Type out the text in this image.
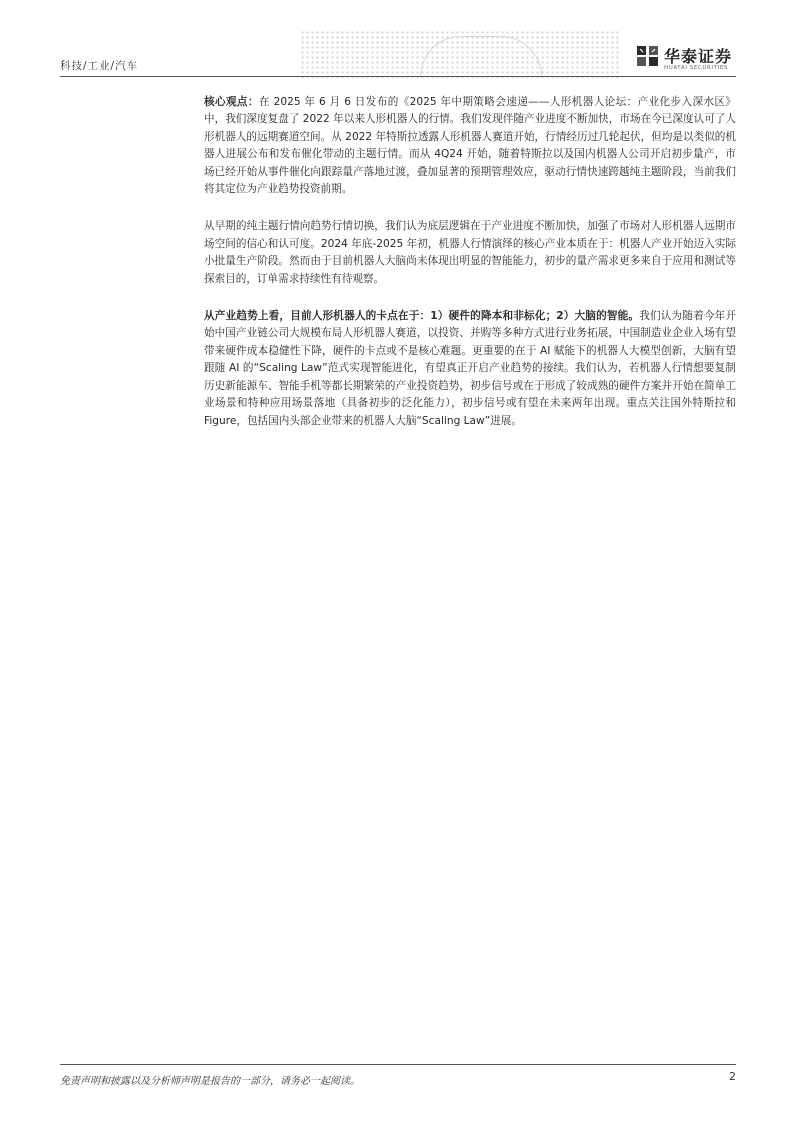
科技/工业/汽车	华泰证券
HUATAI SECURITIES

核心观点：在 2025 年 6 月 6 日发布的《2025 年中期策略会速递——人形机器人论坛：产业化步入深水区》中，我们深度复盘了 2022 年以来人形机器人的行情。我们发现伴随产业进度不断加快，市场在今已深度认可了人形机器人的远期赛道空间。从 2022 年特斯拉透露人形机器人赛道开始，行情经历过几轮起伏，但均是以类似的机器人进展公布和发布催化带动的主题行情。而从 4Q24 开始，随着特斯拉以及国内机器人公司开启初步量产，市场已经开始从事件催化向跟踪量产落地过渡，叠加显著的预期管理效应，驱动行情快速跨越纯主题阶段，当前我们将其定位为产业趋势投资前期。

从早期的纯主题行情向趋势行情切换，我们认为底层逻辑在于产业进度不断加快，加强了市场对人形机器人远期市场空间的信心和认可度。2024 年底-2025 年初，机器人行情演绎的核心产业本质在于：机器人产业开始迈入实际小批量生产阶段。然而由于目前机器人大脑尚未体现出明显的智能能力，初步的量产需求更多来自于应用和测试等探索目的，订单需求持续性有待观察。

从产业趋势上看，目前人形机器人的卡点在于：1）硬件的降本和非标化；2）大脑的智能。我们认为随着今年开始中国产业链公司大规模布局人形机器人赛道，以投资、并购等多种方式进行业务拓展，中国制造业企业入场有望带来硬件成本稳健性下降，硬件的卡点或不是核心难题。更重要的在于 AI 赋能下的机器人大模型创新，大脑有望跟随 AI 的“Scaling Law”范式实现智能进化，有望真正开启产业趋势的接续。我们认为，若机器人行情想要复制历史新能源车、智能手机等都长期繁荣的产业投资趋势，初步信号或在于形成了较成熟的硬件方案并开始在简单工业场景和特种应用场景落地（具备初步的泛化能力），初步信号或有望在未来两年出现。重点关注国外特斯拉和 Figure，包括国内头部企业带来的机器人大脑“Scaling Law”进展。

免责声明和披露以及分析师声明是报告的一部分，请务必一起阅读。	2
